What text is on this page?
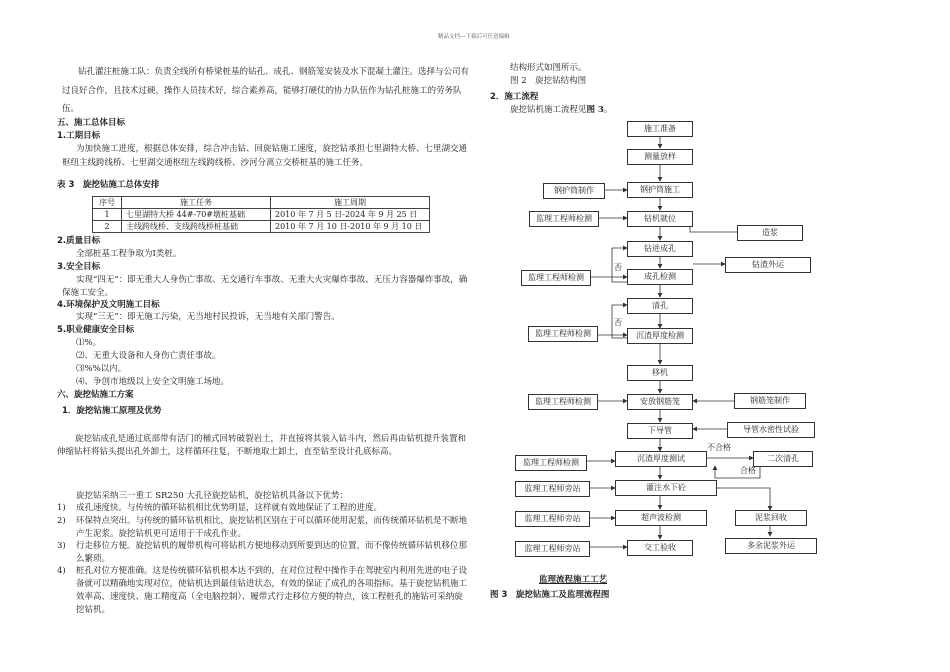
精品文档---下载后可任意编辑
钻孔灌注桩施工队：负责全线所有桥梁桩基的钻孔、成孔、钢筋笼安装及水下混凝土灌注。选择与公司有过良好合作，且技术过硬，操作人员技术好，综合素养高，能够打硬仗的协力队伍作为钻孔桩施工的劳务队伍。
五、施工总体目标
1.工期目标
为加快施工进度，根据总体安排，综合冲击钻、回旋钻施工速度，旋挖钻承担七里湖特大桥、七里湖交通枢纽主线跨线桥、七里湖交通枢纽左线跨线桥、沙河分离立交桥桩基的施工任务。
表 3　旋挖钻施工总体安排
序号	施工任务	施工周期
1	七里湖特大桥 44#-70#墩桩基础	2010 年 7 月 5 日-2024 年 9 月 25 日
2	主线跨线桥、支线跨线桥桩基础	2010 年 7 月 10 日-2010 年 9 月 10 日
2.质量目标
全部桩基工程争取为Ⅰ类桩。
3.安全目标
实现“四无”：即无重大人身伤亡事故、无交通行车事故、无重大火灾爆炸事故、无压力容器爆炸事故，确保施工安全。
4.环境保护及文明施工目标
实现“三无”：即无施工污染，无当地村民投诉，无当地有关部门警告。
5.职业健康安全目标
⑴%。
⑵、无重大设备和人身伤亡责任事故。
⑶%%以内。
⑷、争创市地级以上安全文明施工场地。
六、旋挖钻施工方案
1．旋挖钻施工原理及优势
旋挖钻成孔是通过底部带有活门的桶式回转破裂岩土，并直接将其装入钻斗内，然后再由钻机提升装置和伸缩钻杆将钻头提出孔外卸土，这样循环往复，不断地取土卸土，直至钻至设计孔底标高。
旋挖钻采纳三一重工 SR250 大孔径旋挖钻机，旋挖钻机具备以下优势：
1) 成孔速度快。与传统的循环钻机相比优势明显，这样就有效地保证了工程的进度。
2) 环保特点突出。与传统的循环钻机相比，旋挖钻机区别在于可以循环使用泥浆，而传统循环钻机是不断地产生泥浆。旋挖钻机更可适用于干成孔作业。
3) 行走移位方便。旋挖钻机的履带机构可将钻机方便地移动到所要到达的位置，而不像传统循环钻机移位那么繁琐。
4) 桩孔对位方便准确。这是传统循环钻机根本达不到的，在对位过程中操作手在驾驶室内利用先进的电子设备就可以精确地实现对位，使钻机达到最佳钻进状态，有效的保证了成孔的各项指标。基于旋挖钻机施工效率高、速度快、施工精度高（全电脑控制）、履带式行走移位方便的特点，该工程桩孔的施钻可采纳旋挖钻机。
结构形式如图所示。
图 2　旋挖钻结构图
2．施工流程
旋挖钻机施工流程见图 3。
施工准备
测量放样
钢护筒施工
钻机就位
钻进成孔
成孔检测
清孔
沉渣厚度检测
移机
安放钢筋笼
下导管
沉渣厚度测试
灌注水下砼
超声波检测
交工验收
钢护筒制作
监理工程师检测
监理工程师检测
监理工程师检测
监理工程师检测
监理工程师检测
监理工程师旁站
监理工程师旁站
监理工程师旁站
造浆
钻渣外运
钢筋笼制作
导管水密性试验
二次清孔
泥浆回收
多余泥浆外运
否
否
不合格
合格
监理流程施工工艺
图 3　旋挖钻施工及监理流程图
